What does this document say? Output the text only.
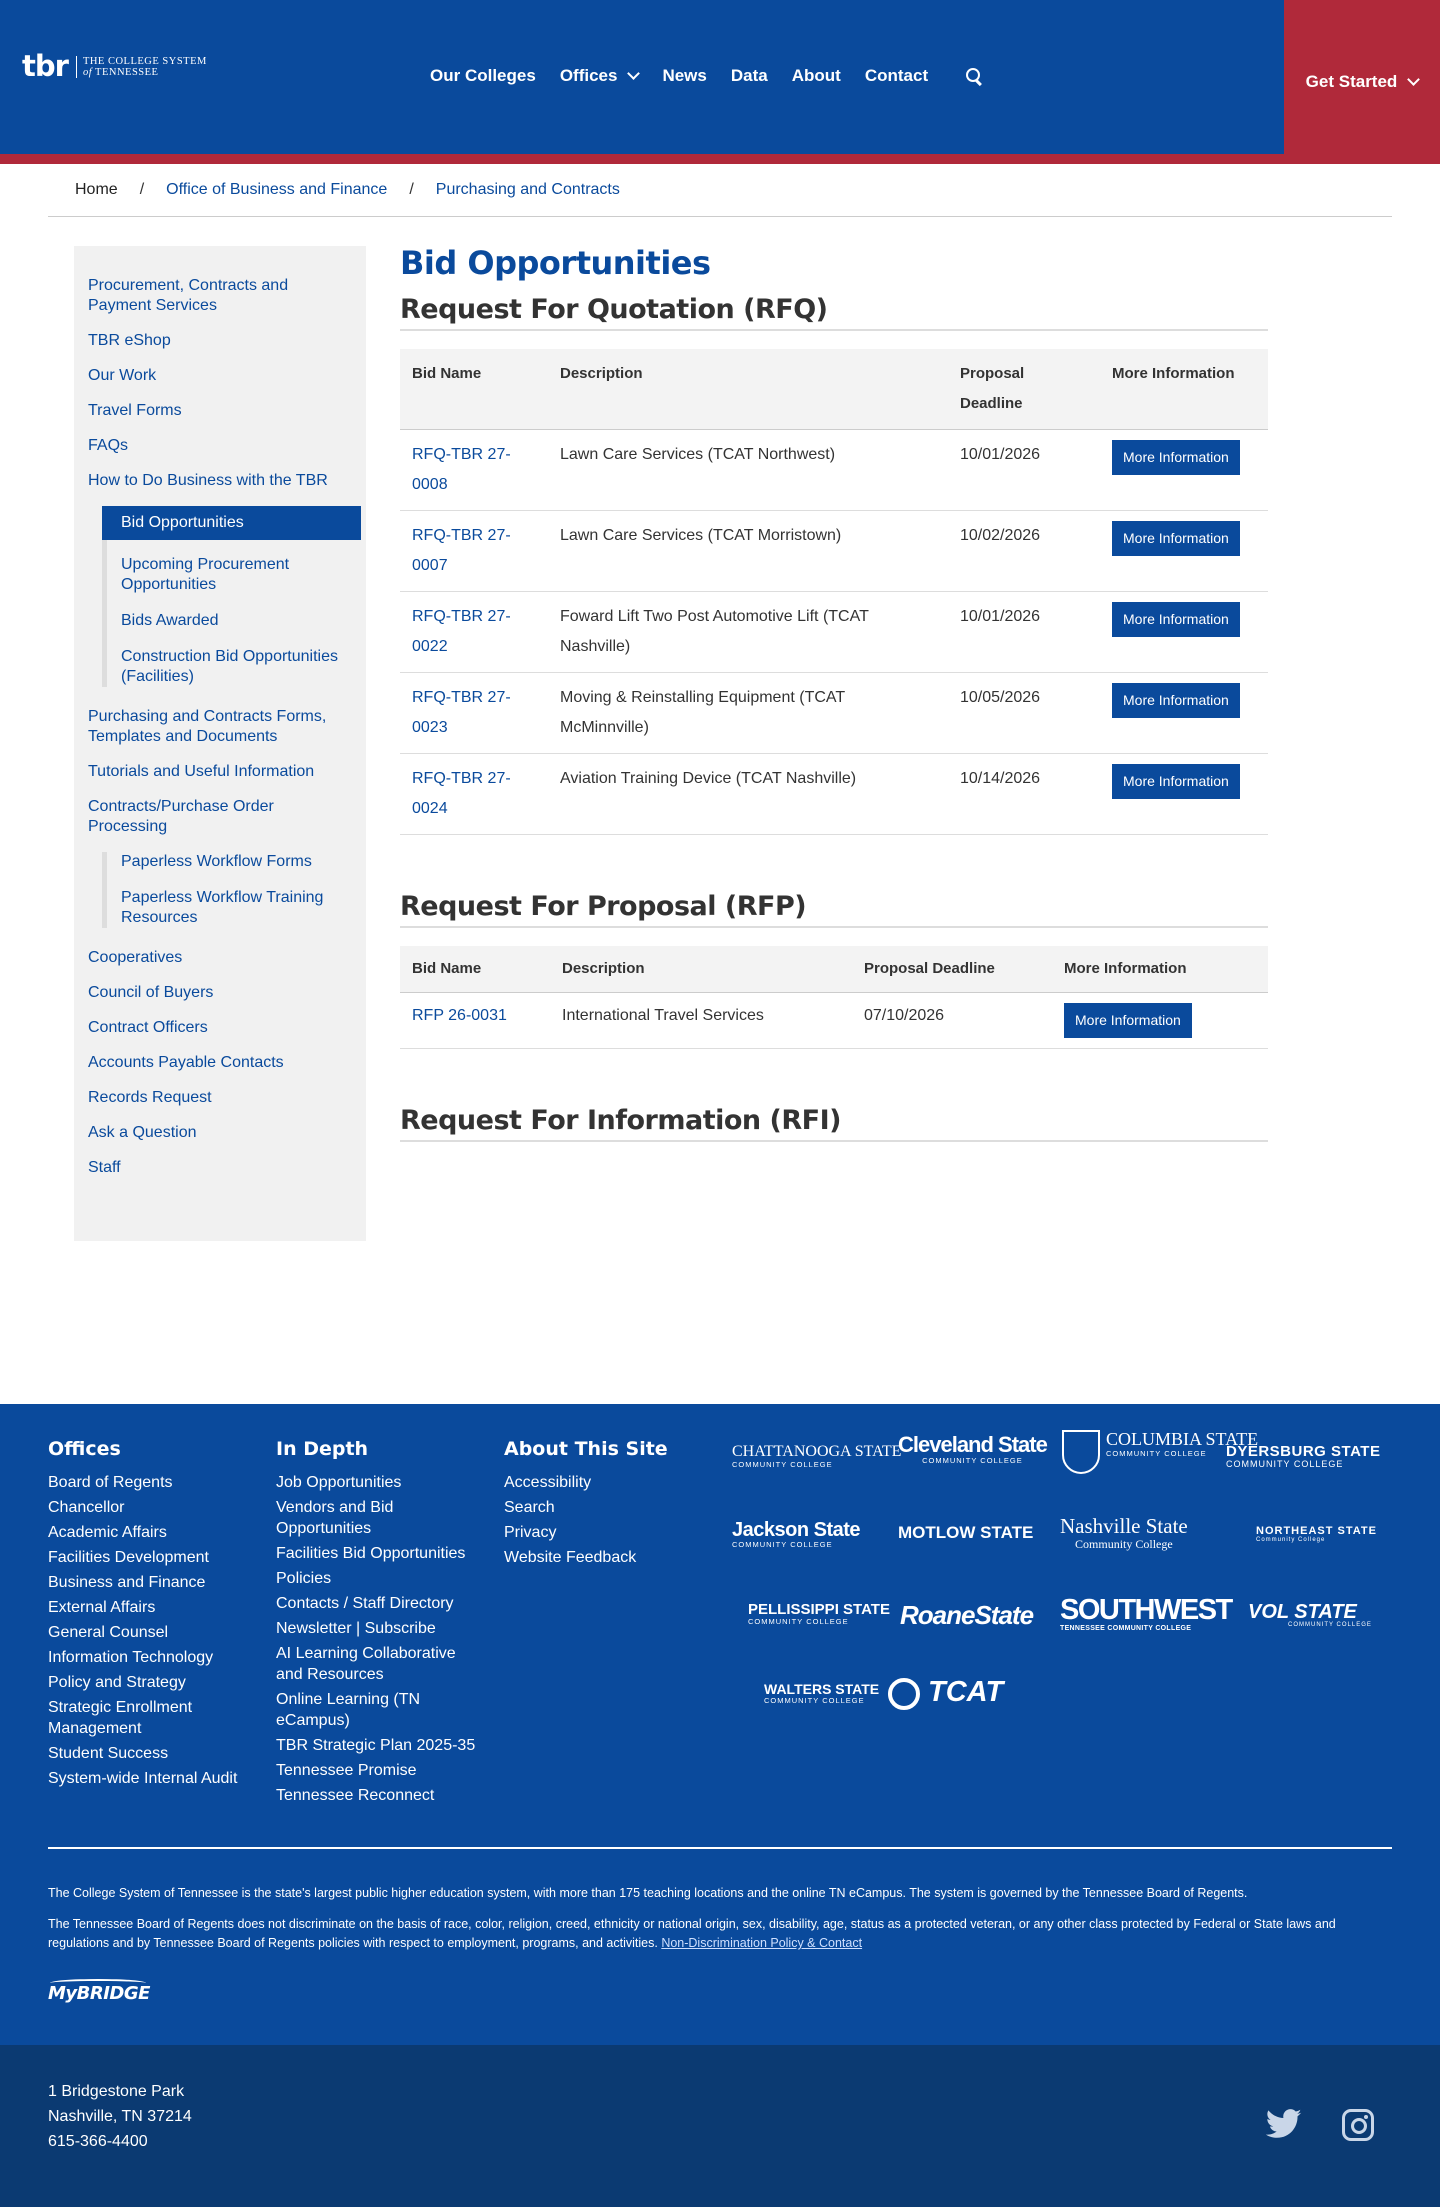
tbr THE COLLEGE SYSTEM
of TENNESSEE	Our Colleges Offices	News Data About Contact	Get Started
Home / Office of Business and Finance / Purchasing and Contracts
Procurement, Contracts and Payment Services
TBR eShop
Our Work
Travel Forms
FAQs
How to Do Business with the TBR
Bid Opportunities
Upcoming Procurement Opportunities
Bids Awarded
Construction Bid Opportunities (Facilities)
Purchasing and Contracts Forms, Templates and Documents
Tutorials and Useful Information
Contracts/Purchase Order Processing
Paperless Workflow Forms
Paperless Workflow Training Resources
Cooperatives
Council of Buyers
Contract Officers
Accounts Payable Contacts
Records Request
Ask a Question
Staff
Bid Opportunities
Request For Quotation (RFQ)
Bid Name	Description	Proposal Deadline	More Information
RFQ-TBR 27-0008	Lawn Care Services (TCAT Northwest)	10/01/2026	More Information
RFQ-TBR 27-0007	Lawn Care Services (TCAT Morristown)	10/02/2026	More Information
RFQ-TBR 27-0022	Foward Lift Two Post Automotive Lift (TCAT Nashville)	10/01/2026	More Information
RFQ-TBR 27-0023	Moving & Reinstalling Equipment (TCAT McMinnville)	10/05/2026	More Information
RFQ-TBR 27-0024	Aviation Training Device (TCAT Nashville)	10/14/2026	More Information
Request For Proposal (RFP)
Bid Name	Description	Proposal Deadline	More Information
RFP 26-0031	International Travel Services	07/10/2026	More Information
Request For Information (RFI)
Offices
Board of Regents
Chancellor
Academic Affairs
Facilities Development
Business and Finance
External Affairs
General Counsel
Information Technology
Policy and Strategy
Strategic Enrollment Management
Student Success
System-wide Internal Audit
In Depth
Job Opportunities
Vendors and Bid Opportunities
Facilities Bid Opportunities
Policies
Contacts / Staff Directory
Newsletter | Subscribe
AI Learning Collaborative and Resources
Online Learning (TN eCampus)
TBR Strategic Plan 2025-35
Tennessee Promise
Tennessee Reconnect
About This Site
Accessibility
Search
Privacy
Website Feedback
CHATTANOOGA STATE
COMMUNITY COLLEGE
Cleveland State
COMMUNITY COLLEGE
COLUMBIA STATE
COMMUNITY COLLEGE	DYERSBURG STATE
COMMUNITY COLLEGE
Jackson State
COMMUNITY COLLEGE
MOTLOW STATE Nashville State
Community College
NORTHEAST STATE
Community College
PELLISSIPPI STATE
COMMUNITY COLLEGE	RoaneState SOUTHWEST
TENNESSEE COMMUNITY COLLEGE
VOL STATE
COMMUNITY COLLEGE
WALTERS STATE
COMMUNITY COLLEGE	TCAT

The College System of Tennessee is the state's largest public higher education system, with more than 175 teaching locations and the online TN eCampus. The system is governed by the Tennessee Board of Regents.

The Tennessee Board of Regents does not discriminate on the basis of race, color, religion, creed, ethnicity or national origin, sex, disability, age, status as a protected veteran, or any other class protected by Federal or State laws and regulations and by Tennessee Board of Regents policies with respect to employment, programs, and activities. Non-Discrimination Policy & Contact

MyBRIDGE
1 Bridgestone Park
Nashville, TN 37214
615-366-4400
